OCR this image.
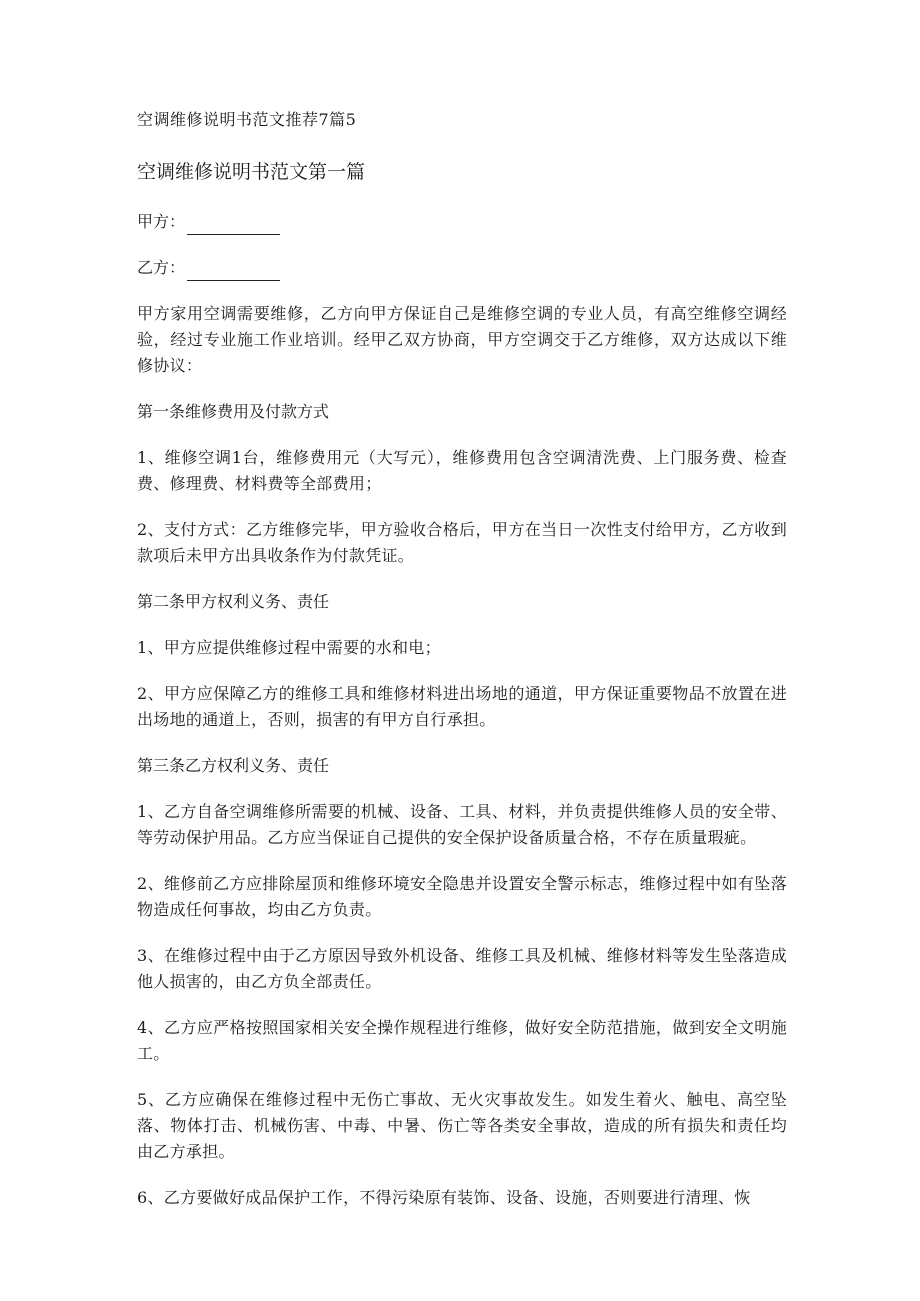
空调维修说明书范文推荐7篇5
空调维修说明书范文第一篇
甲方：
乙方：

甲方家用空调需要维修，乙方向甲方保证自己是维修空调的专业人员，有高空维修空调经验，经过专业施工作业培训。经甲乙双方协商，甲方空调交于乙方维修，双方达成以下维修协议：

第一条维修费用及付款方式

1、维修空调1台，维修费用元（大写元），维修费用包含空调清洗费、上门服务费、检查费、修理费、材料费等全部费用；

2、支付方式：乙方维修完毕，甲方验收合格后，甲方在当日一次性支付给甲方，乙方收到款项后未甲方出具收条作为付款凭证。

第二条甲方权利义务、责任

1、甲方应提供维修过程中需要的水和电；

2、甲方应保障乙方的维修工具和维修材料进出场地的通道，甲方保证重要物品不放置在进出场地的通道上，否则，损害的有甲方自行承担。

第三条乙方权利义务、责任

1、乙方自备空调维修所需要的机械、设备、工具、材料，并负责提供维修人员的安全带、等劳动保护用品。乙方应当保证自己提供的安全保护设备质量合格，不存在质量瑕疵。

2、维修前乙方应排除屋顶和维修环境安全隐患并设置安全警示标志，维修过程中如有坠落物造成任何事故，均由乙方负责。

3、在维修过程中由于乙方原因导致外机设备、维修工具及机械、维修材料等发生坠落造成他人损害的，由乙方负全部责任。

4、乙方应严格按照国家相关安全操作规程进行维修，做好安全防范措施，做到安全文明施工。

5、乙方应确保在维修过程中无伤亡事故、无火灾事故发生。如发生着火、触电、高空坠落、物体打击、机械伤害、中毒、中暑、伤亡等各类安全事故，造成的所有损失和责任均由乙方承担。

6、乙方要做好成品保护工作，不得污染原有装饰、设备、设施，否则要进行清理、恢
